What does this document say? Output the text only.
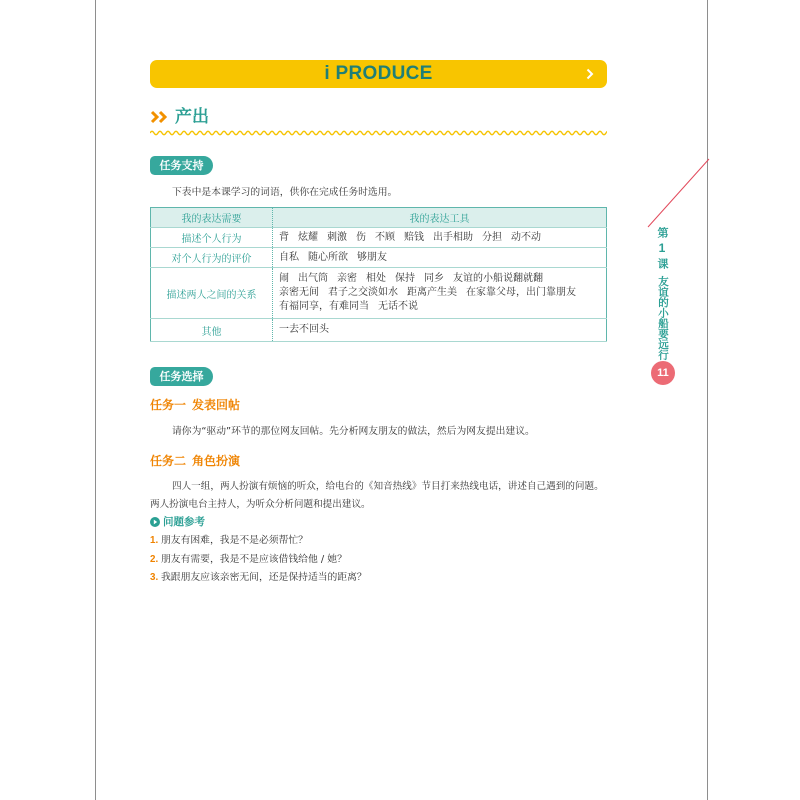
i PRODUCE
产出
任务支持
下表中是本课学习的词语，供你在完成任务时选用。
我的表达需要	我的表达工具
描述个人行为	背 炫耀 刺激 伤 不顾 赔钱 出手相助 分担 动不动

对个人行为的评价	自私 随心所欲 够朋友

描述两人之间的关系	闹 出气筒 亲密 相处 保持 同乡 友谊的小船说翻就翻
亲密无间 君子之交淡如水 距离产生美 在家靠父母，出门靠朋友
有福同享，有难同当 无话不说

其他	一去不回头
任务选择
任务一 发表回帖
请你为“驱动”环节的那位网友回帖。先分析网友朋友的做法，然后为网友提出建议。
任务二 角色扮演
四人一组，两人扮演有烦恼的听众，给电台的《知音热线》节目打来热线电话，讲述自己遇到的问题。两人扮演电台主持人，为听众分析问题和提出建议。
问题参考
1. 朋友有困难，我是不是必须帮忙？
2. 朋友有需要，我是不是应该借钱给他 / 她？
3. 我跟朋友应该亲密无间，还是保持适当的距离？
第1课
友谊的小船要远行
11
